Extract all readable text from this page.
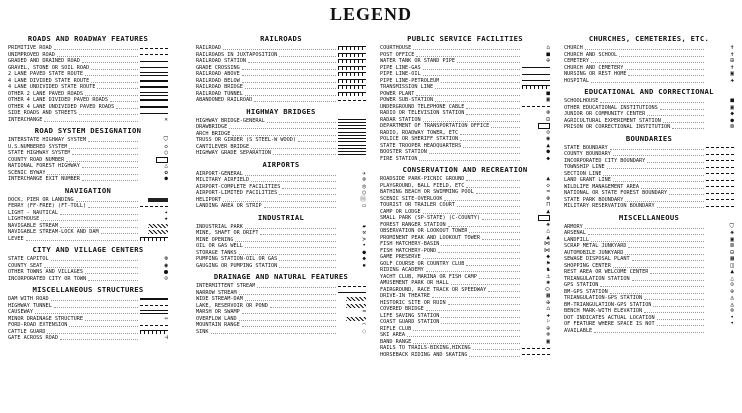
LEGEND
ROADS AND ROADWAY FEATURES
PRIMITIVE ROAD
UNIMPROVED ROAD
GRADED AND DRAINED ROAD
GRAVEL, STONE OR SOIL ROAD
2 LANE PAVED STATE ROUTE
4 LANE DIVIDED STATE ROUTE
4 LANE UNDIVIDED STATE ROUTE
OTHER 2 LANE PAVED ROADS
OTHER 4 LANE DIVIDED PAVED ROADS
OTHER 4 LANE UNDIVIDED PAVED ROADS
SIDE ROADS AND STREETS
INTERCHANGE	✕
ROAD SYSTEM DESIGNATION
INTERSTATE HIGHWAY SYSTEM	⛉
U.S.NUMBERED SYSTEM	◇
STATE HIGHWAY SYSTEM	○
COUNTY ROAD NUMBER
NATIONAL FOREST HIGHWAY	△
SCENIC BYWAY	✿
INTERCHANGE EXIT NUMBER	●
NAVIGATION
DOCK, PIER OR LANDING
FERRY (FF-FREE) (FT-TOLL)
LIGHT - NAUTICAL	✦
LIGHTHOUSE	★
NAVIGABLE STREAM
NAVIGABLE STREAM-LOCK AND DAM
LEVEE
CITY AND VILLAGE CENTERS
STATE CAPITOL	⊛
COUNTY SEAT	◉
OTHER TOWNS AND VILLAGES
INCORPORATED CITY OR TOWN	⊙
MISCELLANEOUS STRUCTURES
DAM WITH ROAD
HIGHWAY TUNNEL
CAUSEWAY
MINOR DRAINAGE STRUCTURE	⇔
FORD-ROAD EXTENSION
CATTLE GUARD
GATE ACROSS ROAD	⊣
RAILROADS
RAILROAD
RAILROADS IN JUXTAPOSITION
RAILROAD STATION
GRADE CROSSING
RAILROAD ABOVE
RAILROAD BELOW
RAILROAD BRIDGE
RAILROAD TUNNEL
ABANDONED RAILROAD
HIGHWAY BRIDGES
HIGHWAY BRIDGE-GENERAL
DRAWBRIDGE
ARCH BRIDGE
TRUSS OR GIRDER (S STEEL-W WOOD)
CANTILEVER BRIDGE
HIGHWAY GRADE SEPARATION
AIRPORTS
AIRPORT-GENERAL	✈
MILITARY AIRFIELD	⊗
AIRPORT-COMPLETE FACILITIES	◎
AIRPORT-LIMITED FACILITIES	○
HELIPORT	Ⓗ
LANDING AREA OR STRIP	▭
INDUSTRIAL
INDUSTRIAL PARK	▰
MINE, SHAFT OR DRIFT	⚒
MINE OPENING	≻
OIL OR GAS WELL	•
STORAGE TANKS	●
PUMPING STATION-OIL OR GAS	◆
GAUGING OR PUMPING STATION	▪
DRAINAGE AND NATURAL FEATURES
INTERMITTENT STREAM
NARROW STREAM
WIDE STREAM-DAM
LAKE, RESERVOIR OR POND
MARSH OR SWAMP	≈
OVERFLOW LAND
MOUNTAIN RANGE	⌒
SINK	◌
PUBLIC SERVICE FACILITIES
COURTHOUSE	⌂
POST OFFICE	■
WATER TANK OR STAND PIPE	⊕
PIPE LINE-GAS
PIPE LINE-OIL
PIPE LINE-PETROLEUM
TRANSMISSION LINE
POWER PLANT	■
POWER SUB-STATION	▣
UNDERGROUND TELEPHONE CABLE
RADIO OR TELEVISION STATION	⊛
RADAR STATION	⊡
DEPARTMENT OF TRANSPORTATION OFFICE
RADIO, ROADWAY TOWER, ETC	⊙
POLICE OR SHERIFF STATION	◉
STATE TROOPER HEADQUARTERS	▲
BOOSTER STATION	●
FIRE STATION	◆
CONSERVATION AND RECREATION
ROADSIDE PARK-PICNIC GROUND	▲
PLAYGROUND, BALL FIELD, ETC	◇
BATHING BEACH OR SWIMMING POOL	≈
SCENIC SITE-OVERLOOK	⊛
TOURIST OR TRAILER COURT	⊓
CAMP OR LODGE	▲
SMALL PARK (SP-STATE) (C-COUNTY)
FOREST RANGER STATION	◈
OBSERVATION OR LOOKOUT TOWER	△
PROMINENT PEAK AND LOOKOUT TOWER	▲
FISH HATCHERY-BASIN	⋈
FISH HATCHERY-POND	⋈
GAME PRESERVE	◆
GOLF COURSE OR COUNTRY CLUB	⚑
RIDING ACADEMY	♞
YACHT CLUB, MARINA OR FISH CAMP	⚓
AMUSEMENT PARK OR HALL	✱
FAIRGROUND, RACE TRACK OR SPEEDWAY	⬭
DRIVE-IN THEATRE	▦
HISTORIC SITE OR RUIN	✠
COVERED BRIDGE	⌂
LIFE SAVING STATION	✚
COAST GUARD STATION	⚐
RIFLE CLUB	⊕
SKI AREA	❄
BAND RANGE	▣
RAILS TO TRAILS-BIKING,HIKING
HORSEBACK RIDING AND SKATING
CHURCHES, CEMETERIES, ETC.
CHURCH	✝
CHURCH AND SCHOOL	✝
CEMETERY	⊞
CHURCH AND CEMETERY	✝
NURSING OR REST HOME	▣
HOSPITAL	✚
EDUCATIONAL AND CORRECTIONAL
SCHOOLHOUSE	■
OTHER EDUCATIONAL INSTITUTIONS	▣
JUNIOR OR COMMUNITY CENTER	◆
AGRICULTURAL EXPERIMENT STATION	●
PRISON OR CORRECTIONAL INSTITUTION	⊠
BOUNDARIES
STATE BOUNDARY
COUNTY BOUNDARY
INCORPORATED CITY BOUNDARY
TOWNSHIP LINE
SECTION LINE
LAND GRANT LINE
WILDLIFE MANAGEMENT AREA
NATIONAL OR STATE FOREST BOUNDARY
STATE PARK BOUNDARY
MILITARY RESERVATION BOUNDARY
MISCELLANEOUS
ARMORY	⛉
ARSENAL	◈
LANDFILL	▣
SCRAP METAL JUNKYARD	⊠
AUTOMOBILE JUNKYARD	⊟
SEWAGE DISPOSAL PLANT	▦
SHOPPING CENTER	◫
REST AREA OR WELCOME CENTER	▲
TRIANGULATION STATION	△
GPS STATION	⊙
BM-GPS STATION	⊕
TRIANGULATION-GPS STATION	◬
BM-TRIANGULATION-GPS STATION	◬
BENCH MARK-WITH ELEVATION	⊗
DOT INDICATES ACTUAL LOCATION	•
OF FEATURE WHERE SPACE IS NOT	•
AVAILABLE
